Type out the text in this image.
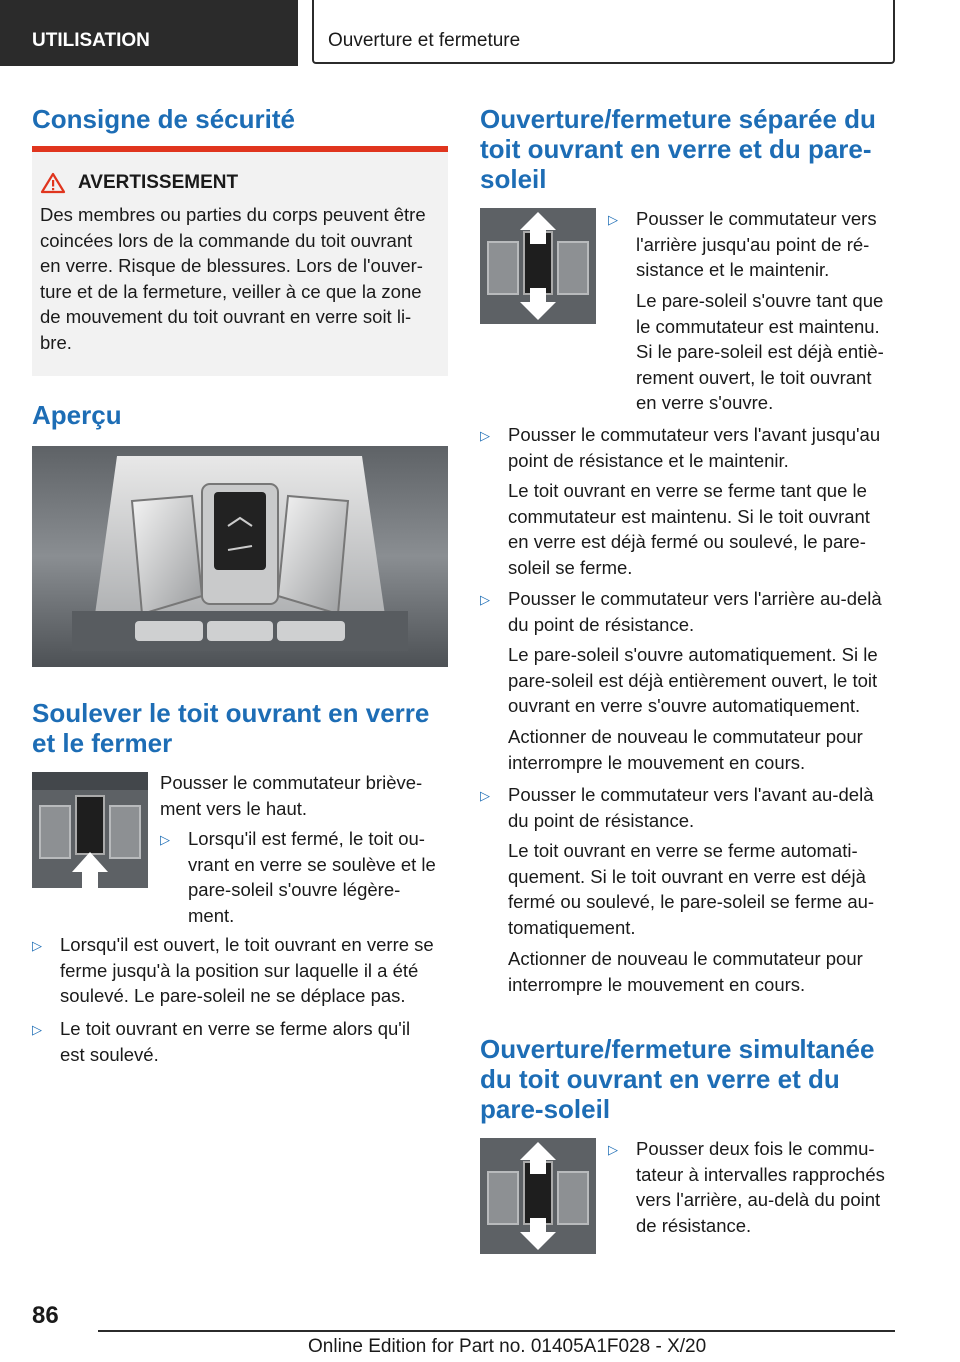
UTILISATION	Ouverture et fermeture
Consigne de sécurité
AVERTISSEMENT
Des membres ou parties du corps peuvent être
coincées lors de la commande du toit ouvrant
en verre. Risque de blessures. Lors de l'ouver‐
ture et de la fermeture, veiller à ce que la zone
de mouvement du toit ouvrant en verre soit li‐
bre.
Aperçu
Soulever le toit ouvrant en verre
et le fermer
Pousser le commutateur briève‐
ment vers le haut.
▷ Lorsqu'il est fermé, le toit ou‐
vrant en verre se soulève et le
pare-soleil s'ouvre légère‐
ment.
▷ Lorsqu'il est ouvert, le toit ouvrant en verre se
ferme jusqu'à la position sur laquelle il a été
soulevé. Le pare-soleil ne se déplace pas.
▷ Le toit ouvrant en verre se ferme alors qu'il
est soulevé.
Ouverture/fermeture séparée du
toit ouvrant en verre et du pare‐
soleil
▷ Pousser le commutateur vers
l'arrière jusqu'au point de ré‐
sistance et le maintenir.
Le pare-soleil s'ouvre tant que
le commutateur est maintenu.
Si le pare-soleil est déjà entiè‐
rement ouvert, le toit ouvrant
en verre s'ouvre.
▷ Pousser le commutateur vers l'avant jusqu'au
point de résistance et le maintenir.
Le toit ouvrant en verre se ferme tant que le
commutateur est maintenu. Si le toit ouvrant
en verre est déjà fermé ou soulevé, le pare‐
soleil se ferme.
▷ Pousser le commutateur vers l'arrière au-delà
du point de résistance.
Le pare-soleil s'ouvre automatiquement. Si le
pare-soleil est déjà entièrement ouvert, le toit
ouvrant en verre s'ouvre automatiquement.
Actionner de nouveau le commutateur pour
interrompre le mouvement en cours.
▷ Pousser le commutateur vers l'avant au-delà
du point de résistance.
Le toit ouvrant en verre se ferme automati‐
quement. Si le toit ouvrant en verre est déjà
fermé ou soulevé, le pare-soleil se ferme au‐
tomatiquement.
Actionner de nouveau le commutateur pour
interrompre le mouvement en cours.
Ouverture/fermeture simultanée
du toit ouvrant en verre et du
pare-soleil
▷ Pousser deux fois le commu‐
tateur à intervalles rapprochés
vers l'arrière, au-delà du point
de résistance.
86
Online Edition for Part no. 01405A1F028 - X/20
